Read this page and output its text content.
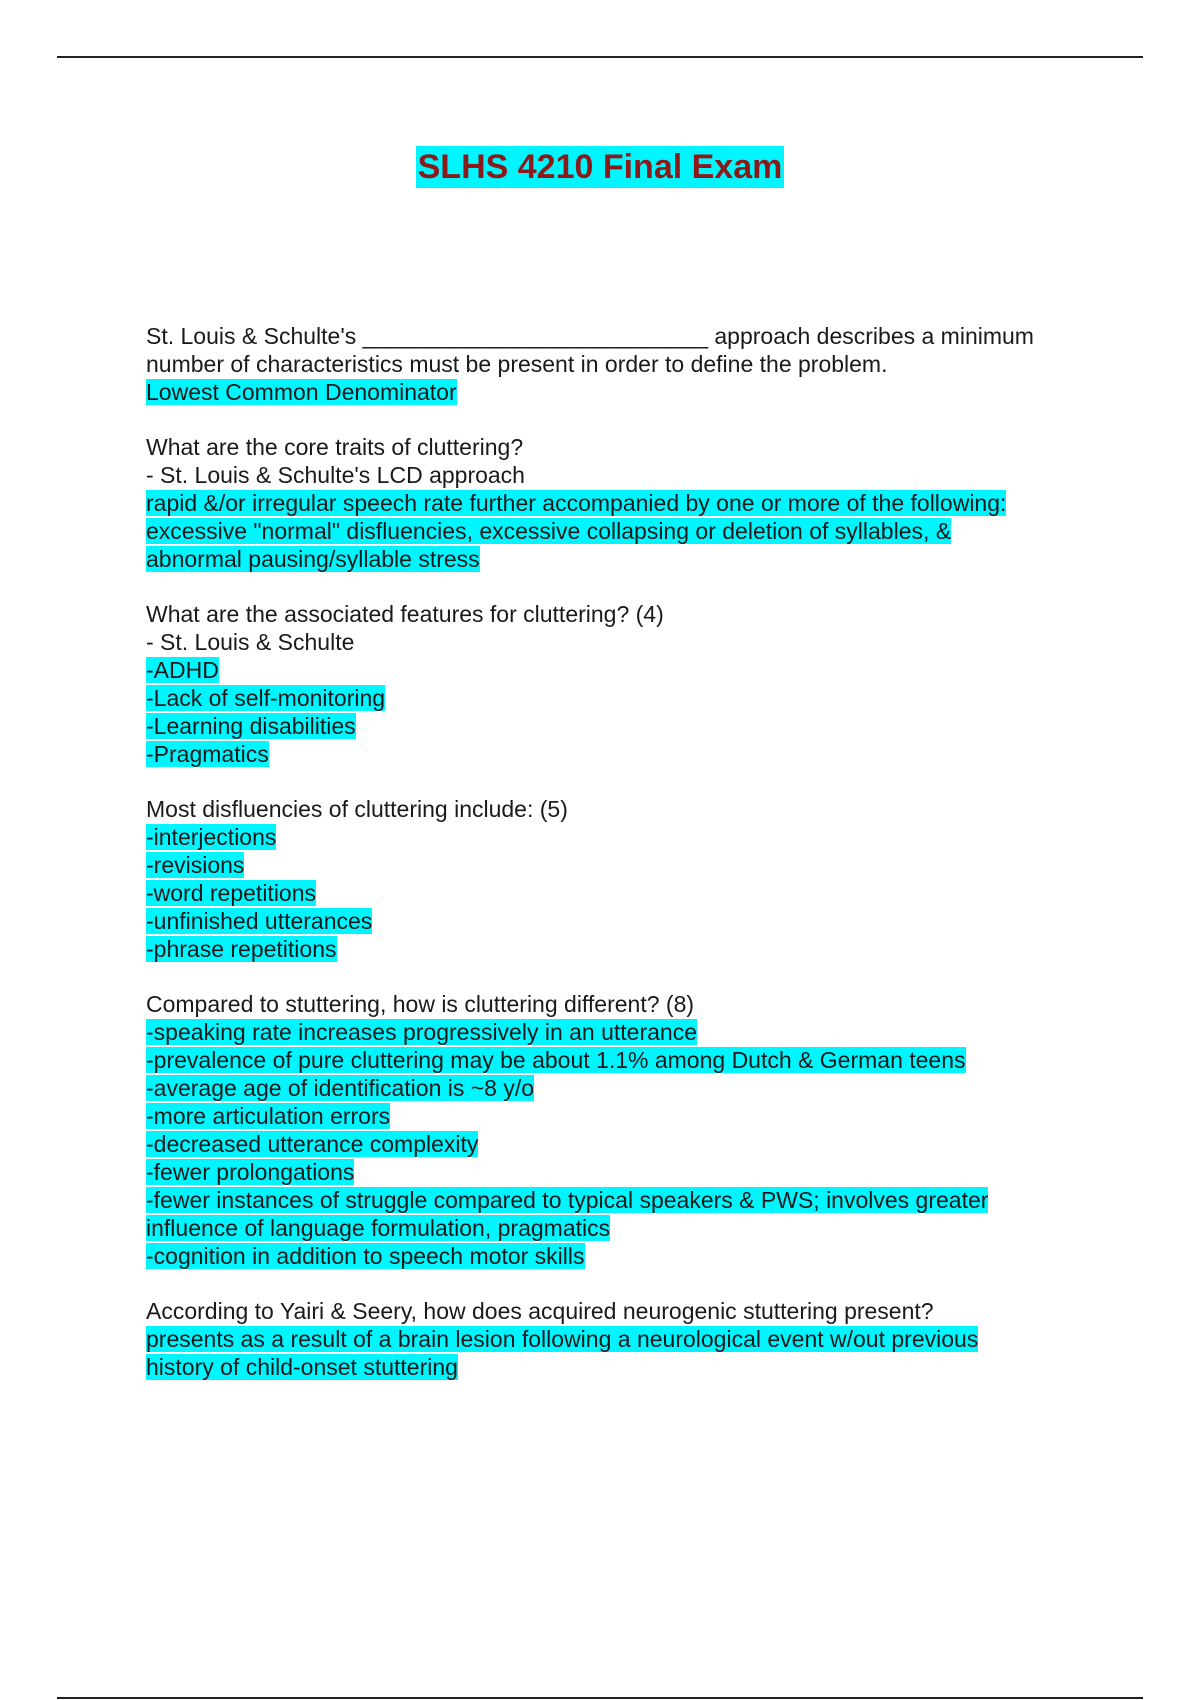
SLHS 4210 Final Exam
St. Louis & Schulte's ___________________________ approach describes a minimum
number of characteristics must be present in order to define the problem.
Lowest Common Denominator
What are the core traits of cluttering?
- St. Louis & Schulte's LCD approach
rapid &/or irregular speech rate further accompanied by one or more of the following:
excessive "normal" disfluencies, excessive collapsing or deletion of syllables, &
abnormal pausing/syllable stress
What are the associated features for cluttering? (4)
- St. Louis & Schulte
-ADHD
-Lack of self-monitoring
-Learning disabilities
-Pragmatics
Most disfluencies of cluttering include: (5)
-interjections
-revisions
-word repetitions
-unfinished utterances
-phrase repetitions
Compared to stuttering, how is cluttering different? (8)
-speaking rate increases progressively in an utterance
-prevalence of pure cluttering may be about 1.1% among Dutch & German teens
-average age of identification is ~8 y/o
-more articulation errors
-decreased utterance complexity
-fewer prolongations
-fewer instances of struggle compared to typical speakers & PWS; involves greater
influence of language formulation, pragmatics
-cognition in addition to speech motor skills
According to Yairi & Seery, how does acquired neurogenic stuttering present?
presents as a result of a brain lesion following a neurological event w/out previous
history of child-onset stuttering
